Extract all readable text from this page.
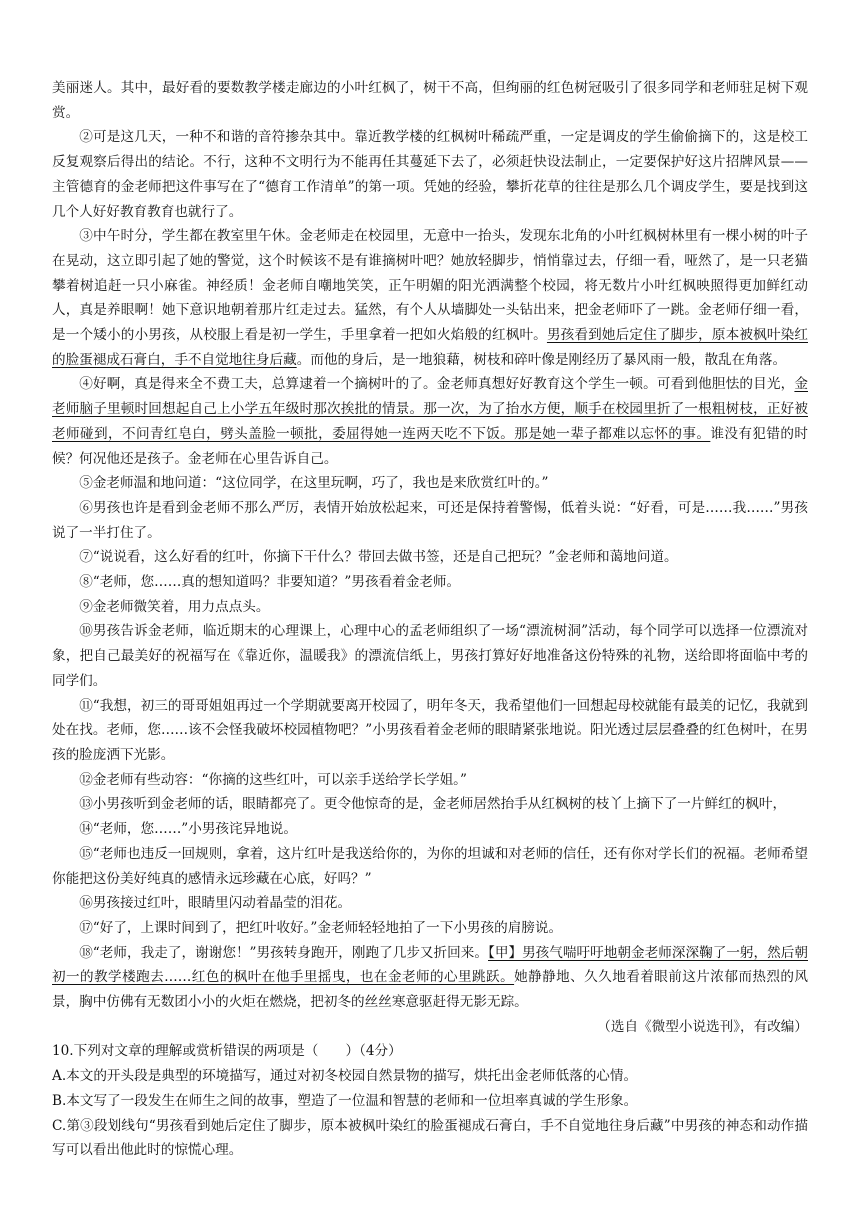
美丽迷人。其中，最好看的要数教学楼走廊边的小叶红枫了，树干不高，但绚丽的红色树冠吸引了很多同学和老师驻足树下观赏。

②可是这几天，一种不和谐的音符掺杂其中。靠近教学楼的红枫树叶稀疏严重，一定是调皮的学生偷偷摘下的，这是校工反复观察后得出的结论。不行，这种不文明行为不能再任其蔓延下去了，必须赶快设法制止，一定要保护好这片招牌风景——主管德育的金老师把这件事写在了“德育工作清单”的第一项。凭她的经验，攀折花草的往往是那么几个调皮学生，要是找到这几个人好好教育教育也就行了。

③中午时分，学生都在教室里午休。金老师走在校园里，无意中一抬头，发现东北角的小叶红枫树林里有一棵小树的叶子在晃动，这立即引起了她的警觉，这个时候该不是有谁摘树叶吧？她放轻脚步，悄悄靠过去，仔细一看，哑然了，是一只老猫攀着树追赶一只小麻雀。神经质！金老师自嘲地笑笑，正午明媚的阳光洒满整个校园，将无数片小叶红枫映照得更加鲜红动人，真是养眼啊！她下意识地朝着那片红走过去。猛然，有个人从墙脚处一头钻出来，把金老师吓了一跳。金老师仔细一看，是一个矮小的小男孩，从校服上看是初一学生，手里拿着一把如火焰般的红枫叶。男孩看到她后定住了脚步，原本被枫叶染红的脸蛋褪成石膏白，手不自觉地往身后藏。而他的身后，是一地狼藉，树枝和碎叶像是刚经历了暴风雨一般，散乱在角落。

④好啊，真是得来全不费工夫，总算逮着一个摘树叶的了。金老师真想好好教育这个学生一顿。可看到他胆怯的目光，金老师脑子里顿时回想起自己上小学五年级时那次挨批的情景。那一次，为了抬水方便，顺手在校园里折了一根粗树枝，正好被老师碰到，不问青红皂白，劈头盖脸一顿批，委屈得她一连两天吃不下饭。那是她一辈子都难以忘怀的事。谁没有犯错的时候？何况他还是孩子。金老师在心里告诉自己。

⑤金老师温和地问道：“这位同学，在这里玩啊，巧了，我也是来欣赏红叶的。”

⑥男孩也许是看到金老师不那么严厉，表情开始放松起来，可还是保持着警惕，低着头说：“好看，可是……我……”男孩说了一半打住了。

⑦“说说看，这么好看的红叶，你摘下干什么？带回去做书签，还是自己把玩？”金老师和蔼地问道。

⑧“老师，您……真的想知道吗？非要知道？”男孩看着金老师。

⑨金老师微笑着，用力点点头。

⑩男孩告诉金老师，临近期末的心理课上，心理中心的孟老师组织了一场“漂流树洞”活动，每个同学可以选择一位漂流对象，把自己最美好的祝福写在《靠近你，温暖我》的漂流信纸上，男孩打算好好地准备这份特殊的礼物，送给即将面临中考的同学们。

⑪“我想，初三的哥哥姐姐再过一个学期就要离开校园了，明年冬天，我希望他们一回想起母校就能有最美的记忆，我就到处在找。老师，您……该不会怪我破坏校园植物吧？”小男孩看着金老师的眼睛紧张地说。阳光透过层层叠叠的红色树叶，在男孩的脸庞洒下光影。

⑫金老师有些动容：“你摘的这些红叶，可以亲手送给学长学姐。”

⑬小男孩听到金老师的话，眼睛都亮了。更令他惊奇的是，金老师居然抬手从红枫树的枝丫上摘下了一片鲜红的枫叶，

⑭“老师，您……”小男孩诧异地说。

⑮“老师也违反一回规则，拿着，这片红叶是我送给你的，为你的坦诚和对老师的信任，还有你对学长们的祝福。老师希望你能把这份美好纯真的感情永远珍藏在心底，好吗？”

⑯男孩接过红叶，眼睛里闪动着晶莹的泪花。

⑰“好了，上课时间到了，把红叶收好。”金老师轻轻地拍了一下小男孩的肩膀说。

⑱“老师，我走了，谢谢您！”男孩转身跑开，刚跑了几步又折回来。【甲】男孩气喘吁吁地朝金老师深深鞠了一躬，然后朝初一的教学楼跑去……红色的枫叶在他手里摇曳，也在金老师的心里跳跃。她静静地、久久地看着眼前这片浓郁而热烈的风景，胸中仿佛有无数团小小的火炬在燃烧，把初冬的丝丝寒意驱赶得无影无踪。

（选自《微型小说选刊》，有改编）

10.下列对文章的理解或赏析错误的两项是（　　）（4分）

A.本文的开头段是典型的环境描写，通过对初冬校园自然景物的描写，烘托出金老师低落的心情。

B.本文写了一段发生在师生之间的故事，塑造了一位温和智慧的老师和一位坦率真诚的学生形象。

C.第③段划线句“男孩看到她后定住了脚步，原本被枫叶染红的脸蛋褪成石膏白，手不自觉地往身后藏”中男孩的神态和动作描写可以看出他此时的惊慌心理。
